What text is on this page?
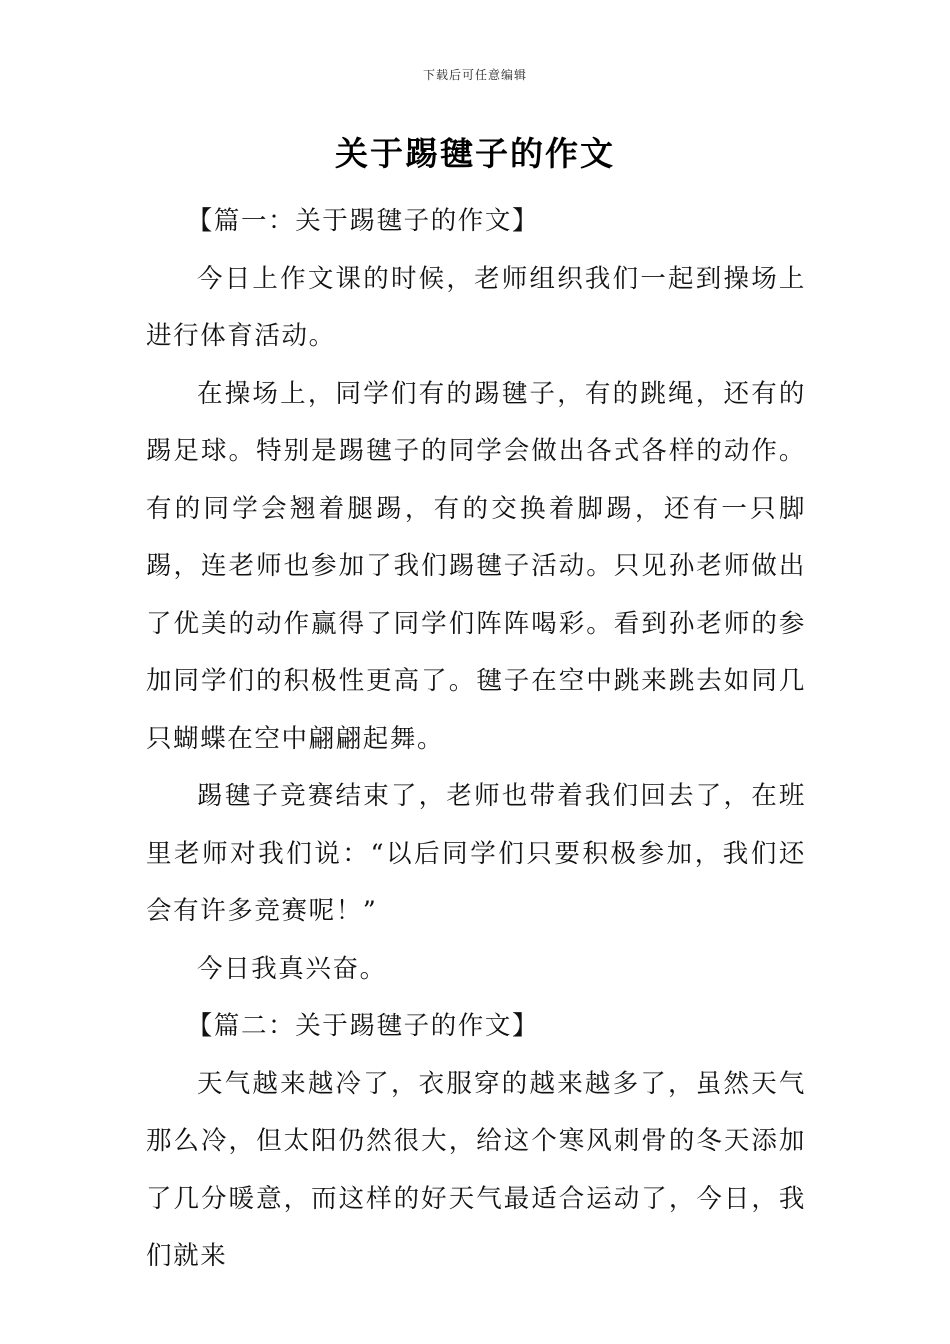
下载后可任意编辑
关于踢毽子的作文

【篇一：关于踢毽子的作文】

今日上作文课的时候，老师组织我们一起到操场上进行体育活动。

在操场上，同学们有的踢毽子，有的跳绳，还有的踢足球。特别是踢毽子的同学会做出各式各样的动作。有的同学会翘着腿踢，有的交换着脚踢，还有一只脚踢，连老师也参加了我们踢毽子活动。只见孙老师做出了优美的动作赢得了同学们阵阵喝彩。看到孙老师的参加同学们的积极性更高了。毽子在空中跳来跳去如同几只蝴蝶在空中翩翩起舞。

踢毽子竞赛结束了，老师也带着我们回去了，在班里老师对我们说：“以后同学们只要积极参加，我们还会有许多竞赛呢！”

今日我真兴奋。

【篇二：关于踢毽子的作文】

天气越来越冷了，衣服穿的越来越多了，虽然天气那么冷，但太阳仍然很大，给这个寒风刺骨的冬天添加了几分暖意，而这样的好天气最适合运动了，今日，我们就来
